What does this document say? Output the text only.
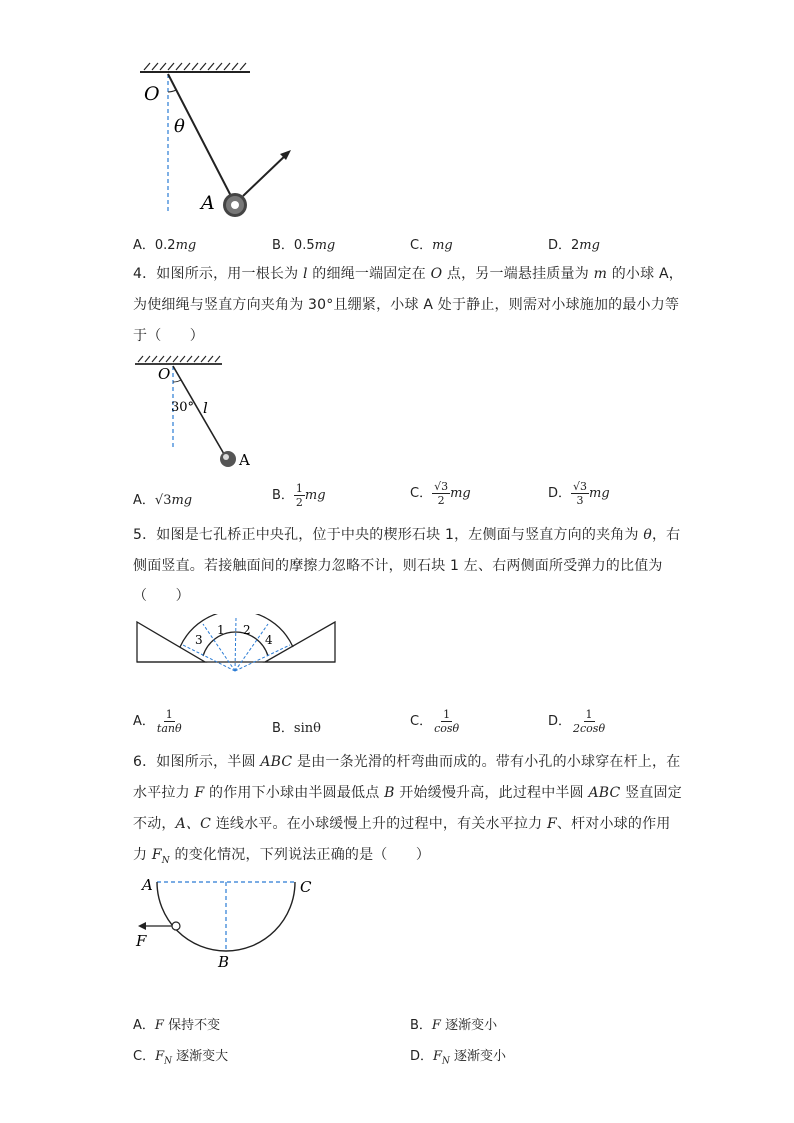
O
θ
A
A．0.2mg	B．0.5mg	C．mg	D．2mg
4．如图所示，用一根长为 l 的细绳一端固定在 O 点，另一端悬挂质量为 m 的小球 A，
为使细绳与竖直方向夹角为 30°且绷紧，小球 A 处于静止，则需对小球施加的最小力等
于（　　）
O
30° l
A
A．√3mg	B． $\frac{1}{2}$ mg	C． $\frac{√3}{2}$ mg	D． $\frac{√3}{3}$ mg
5．如图是七孔桥正中央孔，位于中央的楔形石块 1，左侧面与竖直方向的夹角为 θ，右
侧面竖直。若接触面间的摩擦力忽略不计，则石块 1 左、右两侧面所受弹力的比值为
（　　）
3
1 2
4
A． $\frac{1}{\tan\theta}$	B．sinθ	C． $\frac{1}{\cos\theta}$	D． $\frac{1}{2\cos\theta}$
6．如图所示，半圆 ABC 是由一条光滑的杆弯曲而成的。带有小孔的小球穿在杆上，在
水平拉力 F 的作用下小球由半圆最低点 B 开始缓慢升高，此过程中半圆 ABC 竖直固定
不动，A、C 连线水平。在小球缓慢上升的过程中，有关水平拉力 F、杆对小球的作用
力 $F_N$ 的变化情况，下列说法正确的是（　　）
A	C
B
F
A．F 保持不变	B．F 逐渐变小
C．$F_N$ 逐渐变大	D．$F_N$ 逐渐变小
